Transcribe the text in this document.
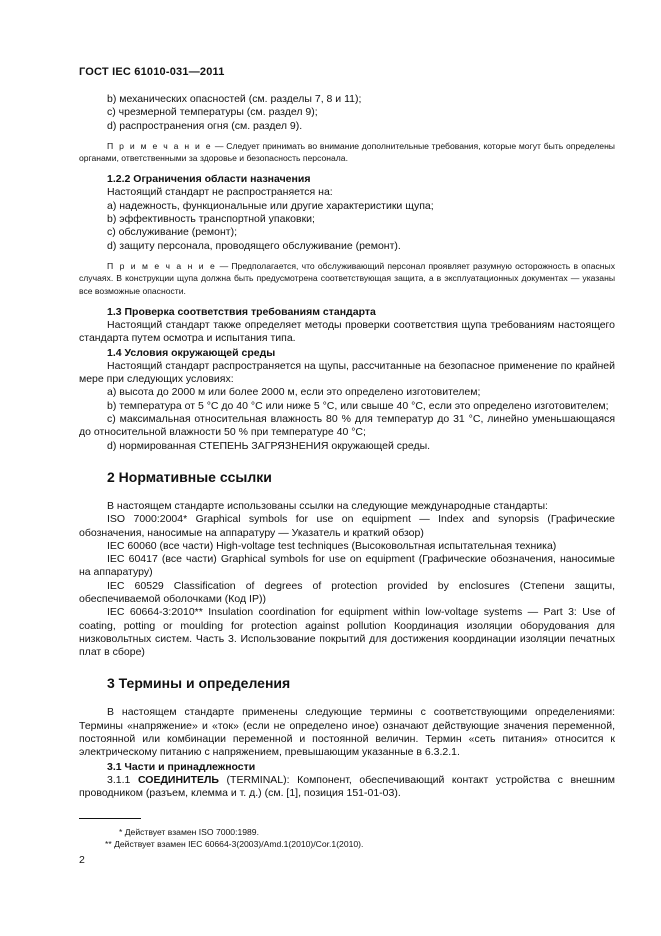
ГОСТ IEC 61010-031—2011

b) механических опасностей (см. разделы 7, 8 и 11);

c) чрезмерной температуры (см. раздел 9);

d) распространения огня (см. раздел 9).

П р и м е ч а н и е — Следует принимать во внимание дополнительные требования, которые могут быть определены органами, ответственными за здоровье и безопасность персонала.

1.2.2 Ограничения области назначения

Настоящий стандарт не распространяется на:

a) надежность, функциональные или другие характеристики щупа;

b) эффективность транспортной упаковки;

c) обслуживание (ремонт);

d) защиту персонала, проводящего обслуживание (ремонт).

П р и м е ч а н и е — Предполагается, что обслуживающий персонал проявляет разумную осторожность в опасных случаях. В конструкции щупа должна быть предусмотрена соответствующая защита, а в эксплуатационных документах — указаны все возможные опасности.

1.3 Проверка соответствия требованиям стандарта

Настоящий стандарт также определяет методы проверки соответствия щупа требованиям настоящего стандарта путем осмотра и испытания типа.

1.4 Условия окружающей среды

Настоящий стандарт распространяется на щупы, рассчитанные на безопасное применение по крайней мере при следующих условиях:

a) высота до 2000 м или более 2000 м, если это определено изготовителем;

b) температура от 5 °С до 40 °С или ниже 5 °С, или свыше 40 °С, если это определено изготовителем;

c) максимальная относительная влажность 80 % для температур до 31 °С, линейно уменьшающаяся до относительной влажности 50 % при температуре 40 °С;

d) нормированная СТЕПЕНЬ ЗАГРЯЗНЕНИЯ окружающей среды.

2 Нормативные ссылки

В настоящем стандарте использованы ссылки на следующие международные стандарты:

ISO 7000:2004* Graphical symbols for use on equipment — Index and synopsis (Графические обозначения, наносимые на аппаратуру — Указатель и краткий обзор)

IEC 60060 (все части) High-voltage test techniques (Высоковольтная испытательная техника)

IEC 60417 (все части) Graphical symbols for use on equipment (Графические обозначения, наносимые на аппаратуру)

IEC 60529 Classification of degrees of protection provided by enclosures (Степени защиты, обеспечиваемой оболочками (Код IP))

IEC 60664-3:2010** Insulation coordination for equipment within low-voltage systems — Part 3: Use of coating, potting or moulding for protection against pollution Координация изоляции оборудования для низковольтных систем. Часть 3. Использование покрытий для достижения координации изоляции печатных плат в сборе)

3 Термины и определения

В настоящем стандарте применены следующие термины с соответствующими определениями: Термины «напряжение» и «ток» (если не определено иное) означают действующие значения переменной, постоянной или комбинации переменной и постоянной величин. Термин «сеть питания» относится к электрическому питанию с напряжением, превышающим указанные в 6.3.2.1.

3.1 Части и принадлежности

3.1.1 СОЕДИНИТЕЛЬ (TERMINAL): Компонент, обеспечивающий контакт устройства с внешним проводником (разъем, клемма и т. д.) (см. [1], позиция 151-01-03).

* Действует взамен ISO 7000:1989.

** Действует взамен IEC 60664-3(2003)/Amd.1(2010)/Cor.1(2010).

2
